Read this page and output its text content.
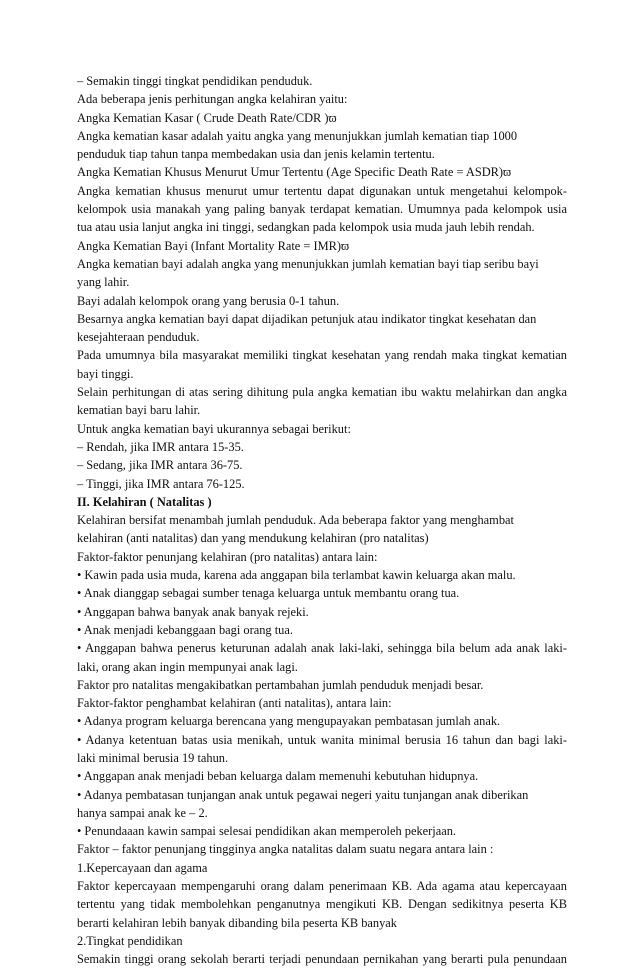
– Semakin tinggi tingkat pendidikan penduduk.
Ada beberapa jenis perhitungan angka kelahiran yaitu:
Angka Kematian Kasar ( Crude Death Rate/CDR )ϖ
Angka kematian kasar adalah yaitu angka yang menunjukkan jumlah kematian tiap 1000
penduduk tiap tahun tanpa membedakan usia dan jenis kelamin tertentu.
Angka Kematian Khusus Menurut Umur Tertentu (Age Specific Death Rate = ASDR)ϖ
Angka kematian khusus menurut umur tertentu dapat digunakan untuk mengetahui kelompok-
kelompok usia manakah yang paling banyak terdapat kematian. Umumnya pada kelompok usia
tua atau usia lanjut angka ini tinggi, sedangkan pada kelompok usia muda jauh lebih rendah.
Angka Kematian Bayi (Infant Mortality Rate = IMR)ϖ
Angka kematian bayi adalah angka yang menunjukkan jumlah kematian bayi tiap seribu bayi
yang lahir.
Bayi adalah kelompok orang yang berusia 0-1 tahun.
Besarnya angka kematian bayi dapat dijadikan petunjuk atau indikator tingkat kesehatan dan
kesejahteraan penduduk.
Pada umumnya bila masyarakat memiliki tingkat kesehatan yang rendah maka tingkat kematian
bayi tinggi.
Selain perhitungan di atas sering dihitung pula angka kematian ibu waktu melahirkan dan angka
kematian bayi baru lahir.
Untuk angka kematian bayi ukurannya sebagai berikut:
– Rendah, jika IMR antara 15-35.
– Sedang, jika IMR antara 36-75.
– Tinggi, jika IMR antara 76-125.
II. Kelahiran ( Natalitas )
Kelahiran bersifat menambah jumlah penduduk. Ada beberapa faktor yang menghambat
kelahiran (anti natalitas) dan yang mendukung kelahiran (pro natalitas)
Faktor-faktor penunjang kelahiran (pro natalitas) antara lain:
• Kawin pada usia muda, karena ada anggapan bila terlambat kawin keluarga akan malu.
• Anak dianggap sebagai sumber tenaga keluarga untuk membantu orang tua.
• Anggapan bahwa banyak anak banyak rejeki.
• Anak menjadi kebanggaan bagi orang tua.
• Anggapan bahwa penerus keturunan adalah anak laki-laki, sehingga bila belum ada anak laki-
laki, orang akan ingin mempunyai anak lagi.
Faktor pro natalitas mengakibatkan pertambahan jumlah penduduk menjadi besar.
Faktor-faktor penghambat kelahiran (anti natalitas), antara lain:
• Adanya program keluarga berencana yang mengupayakan pembatasan jumlah anak.
• Adanya ketentuan batas usia menikah, untuk wanita minimal berusia 16 tahun dan bagi laki-
laki minimal berusia 19 tahun.
• Anggapan anak menjadi beban keluarga dalam memenuhi kebutuhan hidupnya.
• Adanya pembatasan tunjangan anak untuk pegawai negeri yaitu tunjangan anak diberikan
hanya sampai anak ke – 2.
• Penundaaan kawin sampai selesai pendidikan akan memperoleh pekerjaan.
Faktor – faktor penunjang tingginya angka natalitas dalam suatu negara antara lain :
1.Kepercayaan dan agama
Faktor kepercayaan mempengaruhi orang dalam penerimaan KB. Ada agama atau kepercayaan
tertentu yang tidak membolehkan penganutnya mengikuti KB. Dengan sedikitnya peserta KB
berarti kelahiran lebih banyak dibanding bila peserta KB banyak
2.Tingkat pendidikan
Semakin tinggi orang sekolah berarti terjadi penundaan pernikahan yang berarti pula penundaan
